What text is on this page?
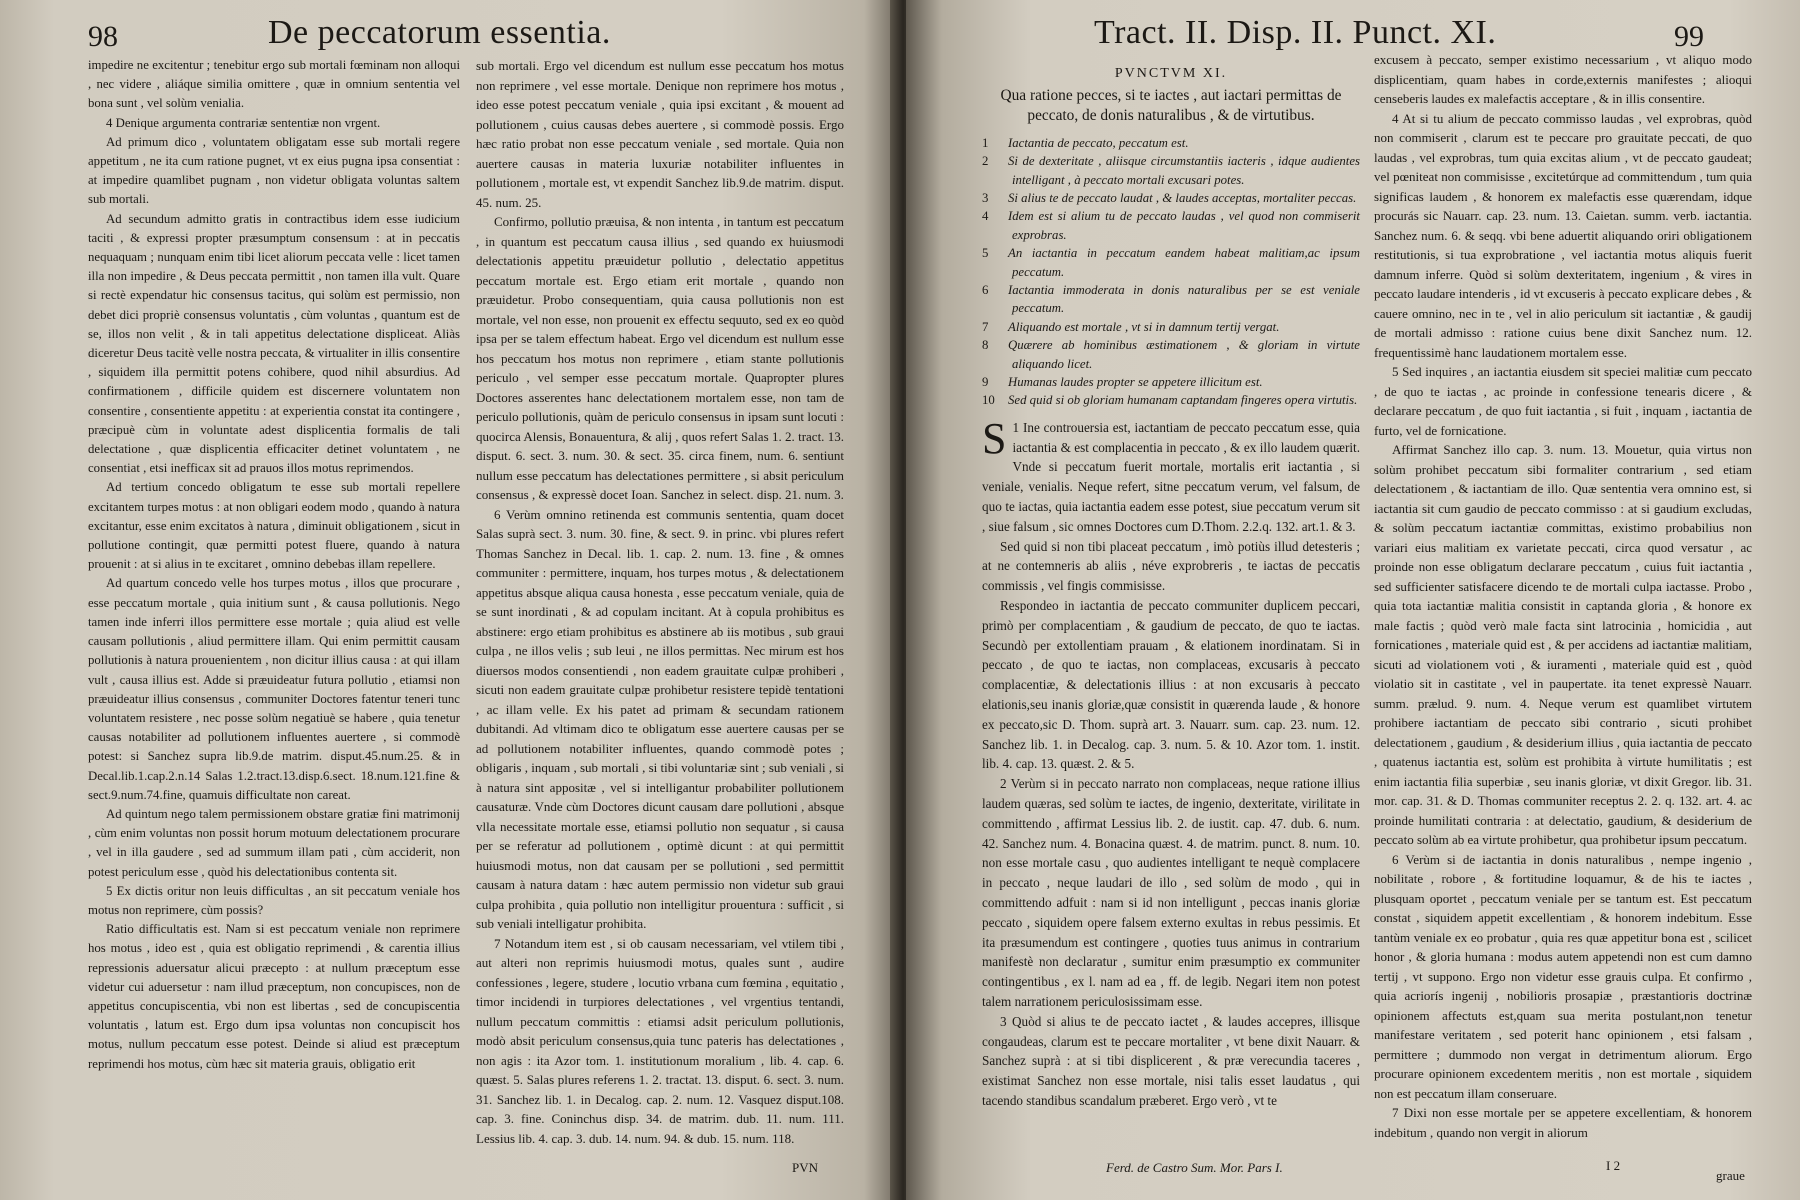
98	De peccatorum essentia.

impedire ne excitentur ; tenebitur ergo sub mortali fœminam non alloqui , nec videre , aliáque similia omittere , quæ in omnium sententia vel bona sunt , vel solùm venialia.

4 Denique argumenta contrariæ sententiæ non vrgent.

Ad primum dico , voluntatem obligatam esse sub mortali regere appetitum , ne ita cum ratione pugnet, vt ex eius pugna ipsa consentiat : at impedire quamlibet pugnam , non videtur obligata voluntas saltem sub mortali.

Ad secundum admitto gratis in contractibus idem esse iudicium taciti , & expressi propter præsumptum consensum : at in peccatis nequaquam ; nunquam enim tibi licet aliorum peccata velle : licet tamen illa non impedire , & Deus peccata permittit , non tamen illa vult. Quare si rectè expendatur hic consensus tacitus, qui solùm est permissio, non debet dici propriè consensus voluntatis , cùm voluntas , quantum est de se, illos non velit , & in tali appetitus delectatione displiceat. Aliàs diceretur Deus tacitè velle nostra peccata, & virtualiter in illis consentire , siquidem illa permittit potens cohibere, quod nihil absurdius. Ad confirmationem , difficile quidem est discernere voluntatem non consentire , consentiente appetitu : at experientia constat ita contingere , præcipuè cùm in voluntate adest displicentia formalis de tali delectatione , quæ displicentia efficaciter detinet voluntatem , ne consentiat , etsi inefficax sit ad prauos illos motus reprimendos.

Ad tertium concedo obligatum te esse sub mortali repellere excitantem turpes motus : at non obligari eodem modo , quando à natura excitantur, esse enim excitatos à natura , diminuit obligationem , sicut in pollutione contingit, quæ permitti potest fluere, quando à natura prouenit : at si alius in te excitaret , omnino debebas illam repellere.

Ad quartum concedo velle hos turpes motus , illos que procurare , esse peccatum mortale , quia initium sunt , & causa pollutionis. Nego tamen inde inferri illos permittere esse mortale ; quia aliud est velle causam pollutionis , aliud permittere illam. Qui enim permittit causam pollutionis à natura prouenientem , non dicitur illius causa : at qui illam vult , causa illius est. Adde si præuideatur futura pollutio , etiamsi non præuideatur illius consensus , communiter Doctores fatentur teneri tunc voluntatem resistere , nec posse solùm negatiuè se habere , quia tenetur causas notabiliter ad pollutionem influentes auertere , si commodè potest: si Sanchez supra lib.9.de matrim. disput.45.num.25. & in Decal.lib.1.cap.2.n.14 Salas 1.2.tract.13.disp.6.sect. 18.num.121.fine & sect.9.num.74.fine, quamuis difficultate non careat.

Ad quintum nego talem permissionem obstare gratiæ fini matrimonij , cùm enim voluntas non possit horum motuum delectationem procurare , vel in illa gaudere , sed ad summum illam pati , cùm acciderit, non potest periculum esse , quòd his delectationibus contenta sit.

5 Ex dictis oritur non leuis difficultas , an sit peccatum veniale hos motus non reprimere, cùm possis?

Ratio difficultatis est. Nam si est peccatum veniale non reprimere hos motus , ideo est , quia est obligatio reprimendi , & carentia illius repressionis aduersatur alicui præcepto : at nullum præceptum esse videtur cui aduersetur : nam illud præceptum, non concupisces, non de appetitus concupiscentia, vbi non est libertas , sed de concupiscentia voluntatis , latum est. Ergo dum ipsa voluntas non concupiscit hos motus, nullum peccatum esse potest. Deinde si aliud est præceptum reprimendi hos motus, cùm hæc sit materia grauis, obligatio erit

sub mortali. Ergo vel dicendum est nullum esse peccatum hos motus non reprimere , vel esse mortale. Denique non reprimere hos motus , ideo esse potest peccatum veniale , quia ipsi excitant , & mouent ad pollutionem , cuius causas debes auertere , si commodè possis. Ergo hæc ratio probat non esse peccatum veniale , sed mortale. Quia non auertere causas in materia luxuriæ notabiliter influentes in pollutionem , mortale est, vt expendit Sanchez lib.9.de matrim. disput. 45. num. 25.

Confirmo, pollutio præuisa, & non intenta , in tantum est peccatum , in quantum est peccatum causa illius , sed quando ex huiusmodi delectationis appetitu præuidetur pollutio , delectatio appetitus peccatum mortale est. Ergo etiam erit mortale , quando non præuidetur. Probo consequentiam, quia causa pollutionis non est mortale, vel non esse, non prouenit ex effectu sequuto, sed ex eo quòd ipsa per se talem effectum habeat. Ergo vel dicendum est nullum esse hos peccatum hos motus non reprimere , etiam stante pollutionis periculo , vel semper esse peccatum mortale. Quapropter plures Doctores asserentes hanc delectationem mortalem esse, non tam de periculo pollutionis, quàm de periculo consensus in ipsam sunt locuti : quocirca Alensis, Bonauentura, & alij , quos refert Salas 1. 2. tract. 13. disput. 6. sect. 3. num. 30. & sect. 35. circa finem, num. 6. sentiunt nullum esse peccatum has delectationes permittere , si absit periculum consensus , & expressè docet Ioan. Sanchez in select. disp. 21. num. 3.

6 Verùm omnino retinenda est communis sententia, quam docet Salas suprà sect. 3. num. 30. fine, & sect. 9. in princ. vbi plures refert Thomas Sanchez in Decal. lib. 1. cap. 2. num. 13. fine , & omnes communiter : permittere, inquam, hos turpes motus , & delectationem appetitus absque aliqua causa honesta , esse peccatum veniale, quia de se sunt inordinati , & ad copulam incitant. At à copula prohibitus es abstinere: ergo etiam prohibitus es abstinere ab iis motibus , sub graui culpa , ne illos velis ; sub leui , ne illos permittas. Nec mirum est hos diuersos modos consentiendi , non eadem grauitate culpæ prohiberi , sicuti non eadem grauitate culpæ prohibetur resistere tepidè tentationi , ac illam velle. Ex his patet ad primam & secundam rationem dubitandi. Ad vltimam dico te obligatum esse auertere causas per se ad pollutionem notabiliter influentes, quando commodè potes ; obligaris , inquam , sub mortali , si tibi voluntariæ sint ; sub veniali , si à natura sint appositæ , vel si intelligantur probabiliter pollutionem causaturæ. Vnde cùm Doctores dicunt causam dare pollutioni , absque vlla necessitate mortale esse, etiamsi pollutio non sequatur , si causa per se referatur ad pollutionem , optimè dicunt : at qui permittit huiusmodi motus, non dat causam per se pollutioni , sed permittit causam à natura datam : hæc autem permissio non videtur sub graui culpa prohibita , quia pollutio non intelligitur prouentura : sufficit , si sub veniali intelligatur prohibita.

7 Notandum item est , si ob causam necessariam, vel vtilem tibi , aut alteri non reprimis huiusmodi motus, quales sunt , audire confessiones , legere, studere , locutio vrbana cum fœmina , equitatio , timor incidendi in turpiores delectationes , vel vrgentius tentandi, nullum peccatum committis : etiamsi adsit periculum pollutionis, modò absit periculum consensus,quia tunc pateris has delectationes , non agis : ita Azor tom. 1. institutionum moralium , lib. 4. cap. 6. quæst. 5. Salas plures referens 1. 2. tractat. 13. disput. 6. sect. 3. num. 31. Sanchez lib. 1. in Decalog. cap. 2. num. 12. Vasquez disput.108. cap. 3. fine. Coninchus disp. 34. de matrim. dub. 11. num. 111. Lessius lib. 4. cap. 3. dub. 14. num. 94. & dub. 15. num. 118.

PVN
Tract. II. Disp. II. Punct. XI.	99
PVNCTVM XI.
Qua ratione pecces, si te iactes , aut iactari permittas de peccato, de donis naturalibus , & de virtutibus.
1 Iactantia de peccato, peccatum est.
2 Si de dexteritate , aliisque circumstantiis iacteris , idque audientes intelligant , à peccato mortali excusari potes.
3 Si alius te de peccato laudat , & laudes acceptas, mortaliter peccas.
4 Idem est si alium tu de peccato laudas , vel quod non commiserit exprobras.
5 An iactantia in peccatum eandem habeat malitiam,ac ipsum peccatum.
6 Iactantia immoderata in donis naturalibus per se est veniale peccatum.
7 Aliquando est mortale , vt si in damnum tertij vergat.
8 Quærere ab hominibus æstimationem , & gloriam in virtute aliquando licet.
9 Humanas laudes propter se appetere illicitum est.
10 Sed quid si ob gloriam humanam captandam fingeres opera virtutis.

1
S Ine controuersia est, iactantiam de peccato peccatum esse, quia iactantia & est complacentia in peccato , & ex illo laudem quærit. Vnde si peccatum fuerit mortale, mortalis erit iactantia , si veniale, venialis. Neque refert, sitne peccatum verum, vel falsum, de quo te iactas, quia iactantia eadem esse potest, siue peccatum verum sit , siue falsum , sic omnes Doctores cum D.Thom. 2.2.q. 132. art.1. & 3.

Sed quid si non tibi placeat peccatum , imò potiùs illud detesteris ; at ne contemneris ab aliis , néve exprobreris , te iactas de peccatis commissis , vel fingis commisisse.

Respondeo in iactantia de peccato communiter duplicem peccari, primò per complacentiam , & gaudium de peccato, de quo te iactas. Secundò per extollentiam prauam , & elationem inordinatam. Si in peccato , de quo te iactas, non complaceas, excusaris à peccato complacentiæ, & delectationis illius : at non excusaris à peccato elationis,seu inanis gloriæ,quæ consistit in quærenda laude , & honore ex peccato,sic D. Thom. suprà art. 3. Nauarr. sum. cap. 23. num. 12. Sanchez lib. 1. in Decalog. cap. 3. num. 5. & 10. Azor tom. 1. instit. lib. 4. cap. 13. quæst. 2. & 5.

2 Verùm si in peccato narrato non complaceas, neque ratione illius laudem quæras, sed solùm te iactes, de ingenio, dexteritate, virilitate in committendo , affirmat Lessius lib. 2. de iustit. cap. 47. dub. 6. num. 42. Sanchez num. 4. Bonacina quæst. 4. de matrim. punct. 8. num. 10. non esse mortale casu , quo audientes intelligant te nequè complacere in peccato , neque laudari de illo , sed solùm de modo , qui in committendo adfuit : nam si id non intelligunt , peccas inanis gloriæ peccato , siquidem opere falsem externo exultas in rebus pessimis. Et ita præsumendum est contingere , quoties tuus animus in contrarium manifestè non declaratur , sumitur enim præsumptio ex communiter contingentibus , ex l. nam ad ea , ff. de legib. Negari item non potest talem narrationem periculosissimam esse.

3 Quòd si alius te de peccato iactet , & laudes accepres, illisque congaudeas, clarum est te peccare mortaliter , vt bene dixit Nauarr. & Sanchez suprà : at si tibi displicerent , & præ verecundia taceres , existimat Sanchez non esse mortale, nisi talis esset laudatus , qui tacendo standibus scandalum præberet. Ergo verò , vt te

excusem à peccato, semper existimo necessarium , vt aliquo modo displicentiam, quam habes in corde,externis manifestes ; alioqui censeberis laudes ex malefactis acceptare , & in illis consentire.

4 At si tu alium de peccato commisso laudas , vel exprobras, quòd non commiserit , clarum est te peccare pro grauitate peccati, de quo laudas , vel exprobras, tum quia excitas alium , vt de peccato gaudeat; vel pœniteat non commisisse , excitetúrque ad committendum , tum quia significas laudem , & honorem ex malefactis esse quærendam, idque procurás sic Nauarr. cap. 23. num. 13. Caietan. summ. verb. iactantia. Sanchez num. 6. & seqq. vbi bene aduertit aliquando oriri obligationem restitutionis, si tua exprobratione , vel iactantia motus aliquis fuerit damnum inferre. Quòd si solùm dexteritatem, ingenium , & vires in peccato laudare intenderis , id vt excuseris à peccato explicare debes , & cauere omnino, nec in te , vel in alio periculum sit iactantiæ , & gaudij de mortali admisso : ratione cuius bene dixit Sanchez num. 12. frequentissimè hanc laudationem mortalem esse.

5 Sed inquires , an iactantia eiusdem sit speciei malitiæ cum peccato , de quo te iactas , ac proinde in confessione tenearis dicere , & declarare peccatum , de quo fuit iactantia , si fuit , inquam , iactantia de furto, vel de fornicatione.

Affirmat Sanchez illo cap. 3. num. 13. Mouetur, quia virtus non solùm prohibet peccatum sibi formaliter contrarium , sed etiam delectationem , & iactantiam de illo. Quæ sententia vera omnino est, si iactantia sit cum gaudio de peccato commisso : at si gaudium excludas, & solùm peccatum iactantiæ committas, existimo probabilius non variari eius malitiam ex varietate peccati, circa quod versatur , ac proinde non esse obligatum declarare peccatum , cuius fuit iactantia , sed sufficienter satisfacere dicendo te de mortali culpa iactasse. Probo , quia tota iactantiæ malitia consistit in captanda gloria , & honore ex male factis ; quòd verò male facta sint latrocinia , homicidia , aut fornicationes , materiale quid est , & per accidens ad iactantiæ malitiam, sicuti ad violationem voti , & iuramenti , materiale quid est , quòd violatio sit in castitate , vel in paupertate. ita tenet expressè Nauarr. summ. prælud. 9. num. 4. Neque verum est quamlibet virtutem prohibere iactantiam de peccato sibi contrario , sicuti prohibet delectationem , gaudium , & desiderium illius , quia iactantia de peccato , quatenus iactantia est, solùm est prohibita à virtute humilitatis ; est enim iactantia filia superbiæ , seu inanis gloriæ, vt dixit Gregor. lib. 31. mor. cap. 31. & D. Thomas communiter receptus 2. 2. q. 132. art. 4. ac proinde humilitati contraria : at delectatio, gaudium, & desiderium de peccato solùm ab ea virtute prohibetur, qua prohibetur ipsum peccatum.

6 Verùm si de iactantia in donis naturalibus , nempe ingenio , nobilitate , robore , & fortitudine loquamur, & de his te iactes , plusquam oportet , peccatum veniale per se tantum est. Est peccatum constat , siquidem appetit excellentiam , & honorem indebitum. Esse tantùm veniale ex eo probatur , quia res quæ appetitur bona est , scilicet honor , & gloria humana : modus autem appetendi non est cum damno tertij , vt suppono. Ergo non videtur esse grauis culpa. Et confirmo , quia acriorís ingenij , nobilioris prosapiæ , præstantioris doctrinæ opinionem affectuts est,quam sua merita postulant,non tenetur manifestare veritatem , sed poterit hanc opinionem , etsi falsam , permittere ; dummodo non vergat in detrimentum aliorum. Ergo procurare opinionem excedentem meritis , non est mortale , siquidem non est peccatum illam conseruare.

7 Dixi non esse mortale per se appetere excellentiam, & honorem indebitum , quando non vergit in aliorum

Ferd. de Castro Sum. Mor. Pars I.	I 2
graue
